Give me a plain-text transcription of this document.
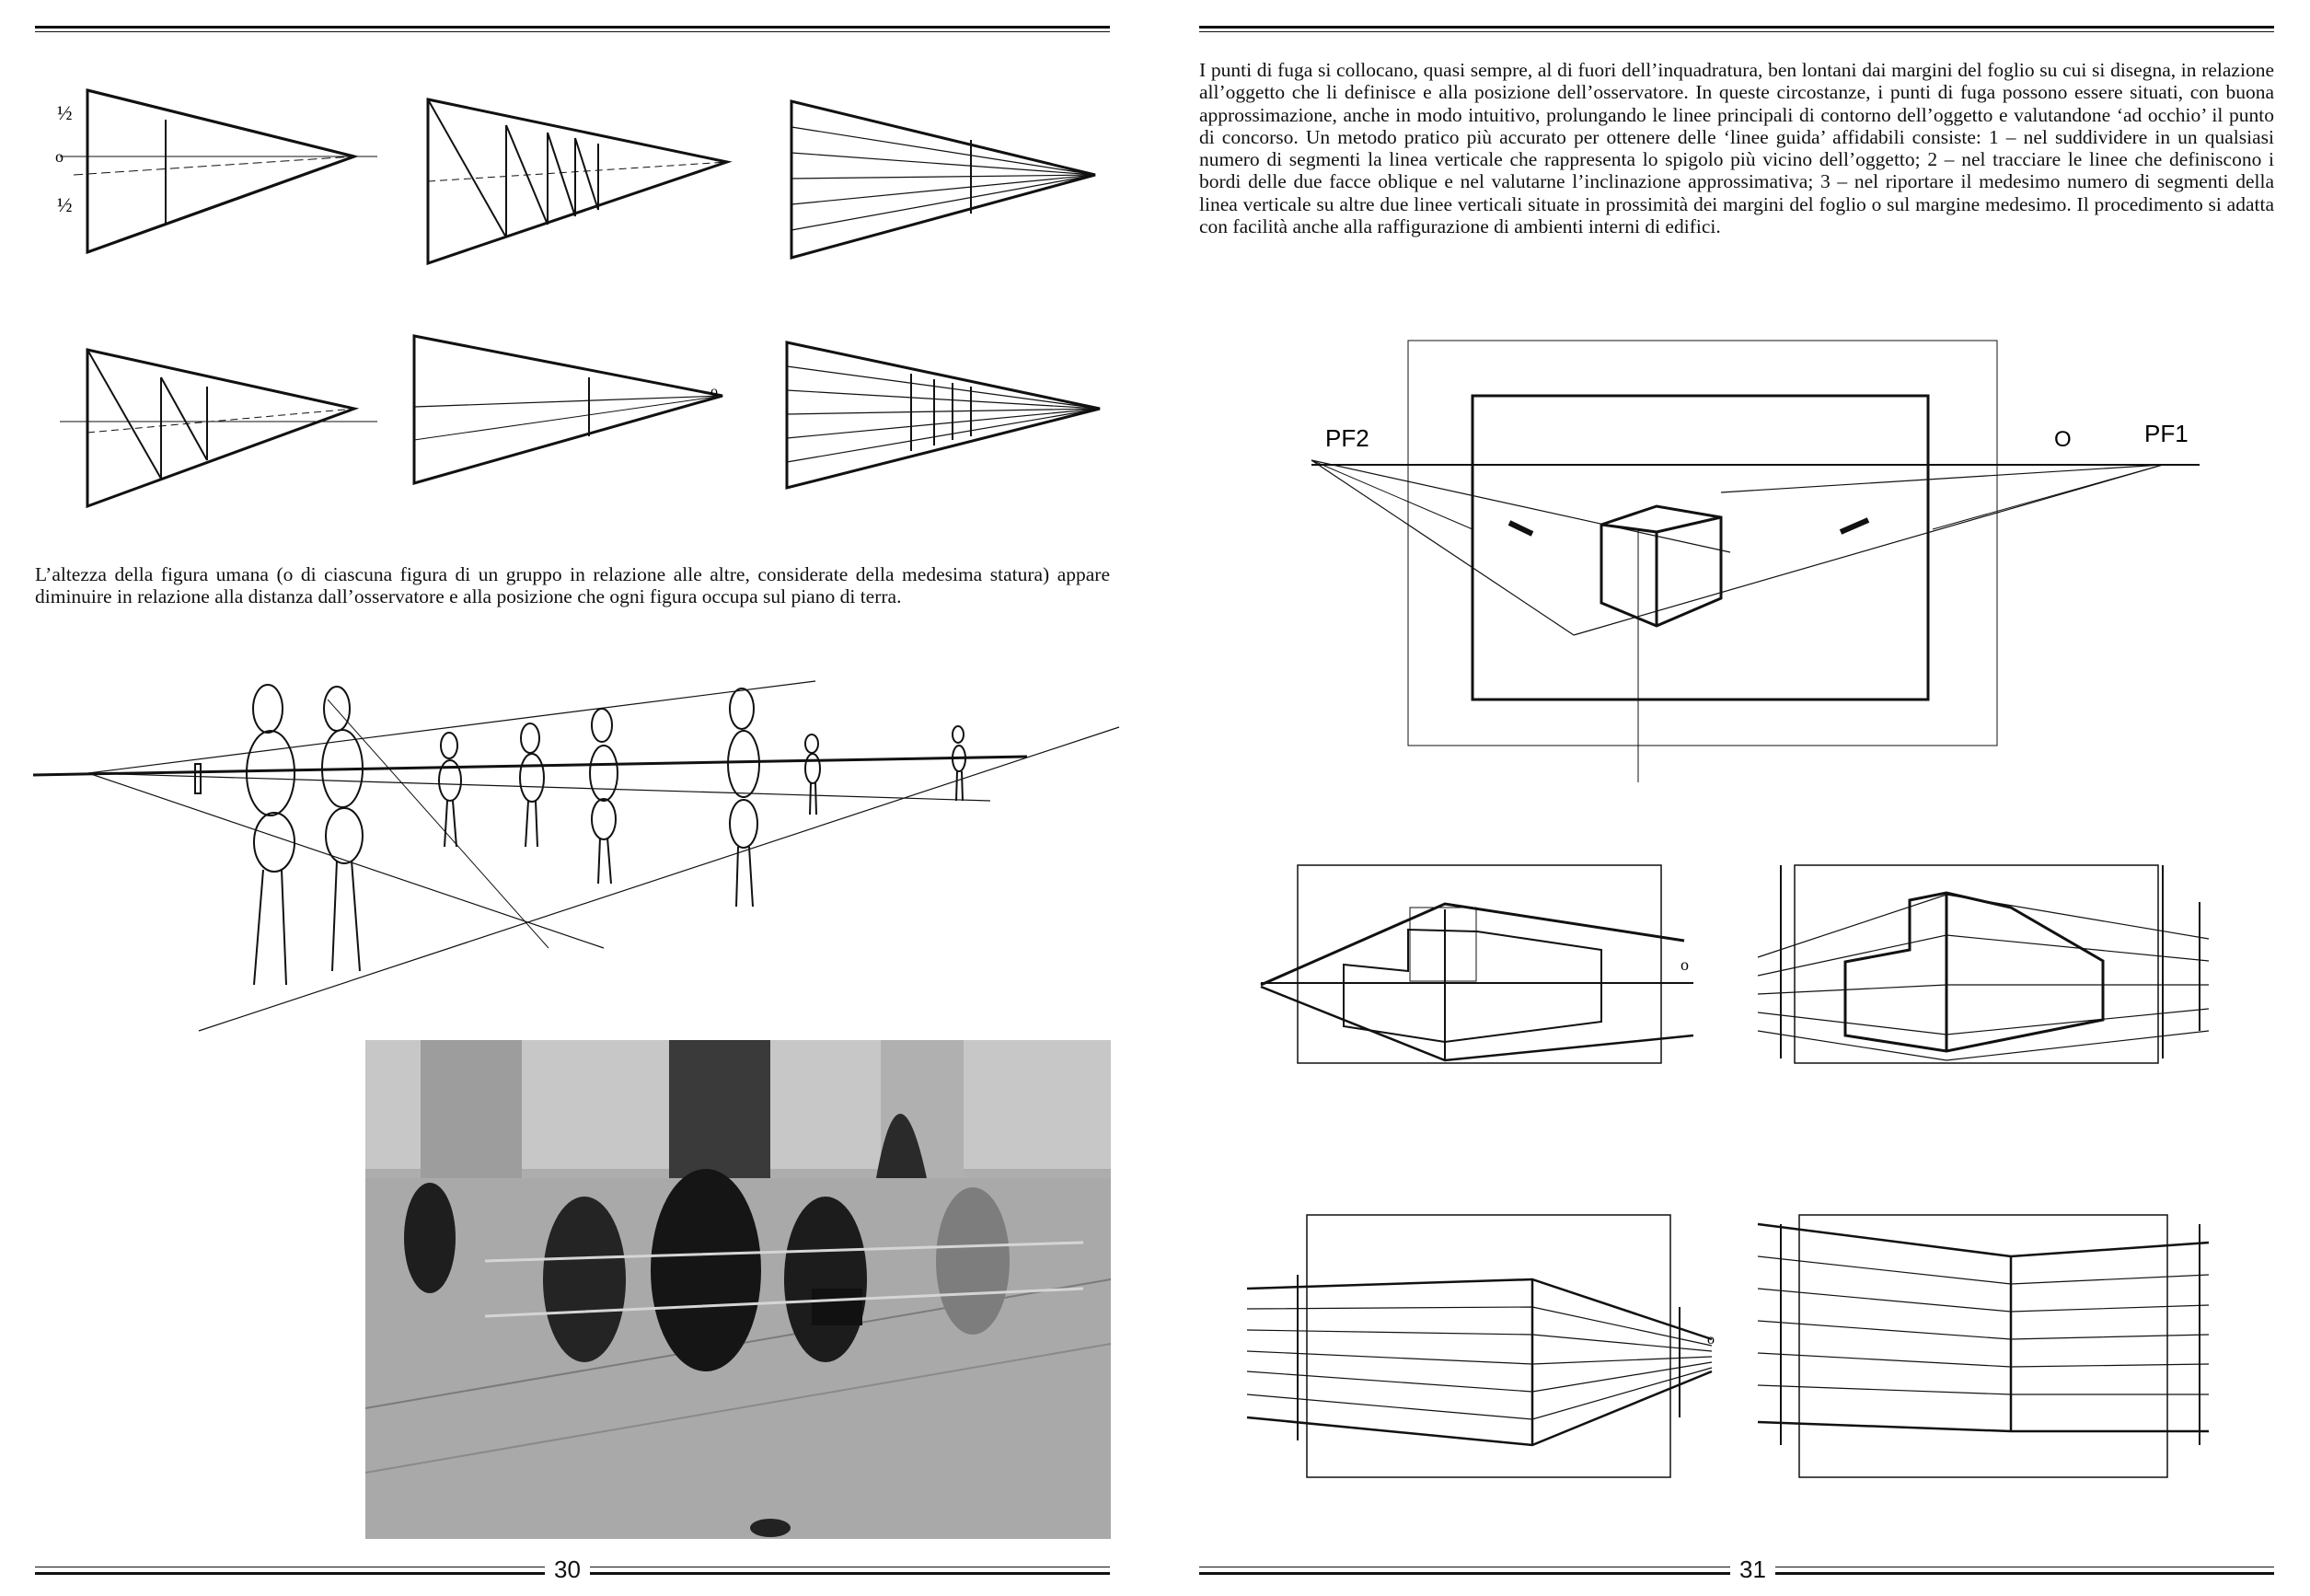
½
o
½
o

L’altezza della figura umana (o di ciascuna figura di un gruppo in relazione alle altre, considerate della medesima statura) appare diminuire in relazione alla distanza dall’osservatore e alla posizione che ogni figura occupa sul piano di terra.

I punti di fuga si collocano, quasi sempre, al di fuori dell’inquadratura, ben lontani dai margini del foglio su cui si disegna, in relazione all’oggetto che li definisce e alla posizione dell’osservatore. In queste circostanze, i punti di fuga possono essere situati, con buona approssimazione, anche in modo intuitivo, prolungando le linee principali di contorno dell’oggetto e valutandone ‘ad occhio’ il punto di concorso. Un metodo pratico più accurato per ottenere delle ‘linee guida’ affidabili consiste: 1 – nel suddividere in un qualsiasi numero di segmenti la linea verticale che rappresenta lo spigolo più vicino dell’oggetto; 2 – nel tracciare le linee che definiscono i bordi delle due facce oblique e nel valutarne l’inclinazione approssimativa; 3 – nel riportare il medesimo numero di segmenti della linea verticale su altre due linee verticali situate in prossimità dei margini del foglio o sul margine medesimo. Il procedimento si adatta con facilità anche alla raffigurazione di ambienti interni di edifici.

PF2	O	PF1
o
o
30	31
